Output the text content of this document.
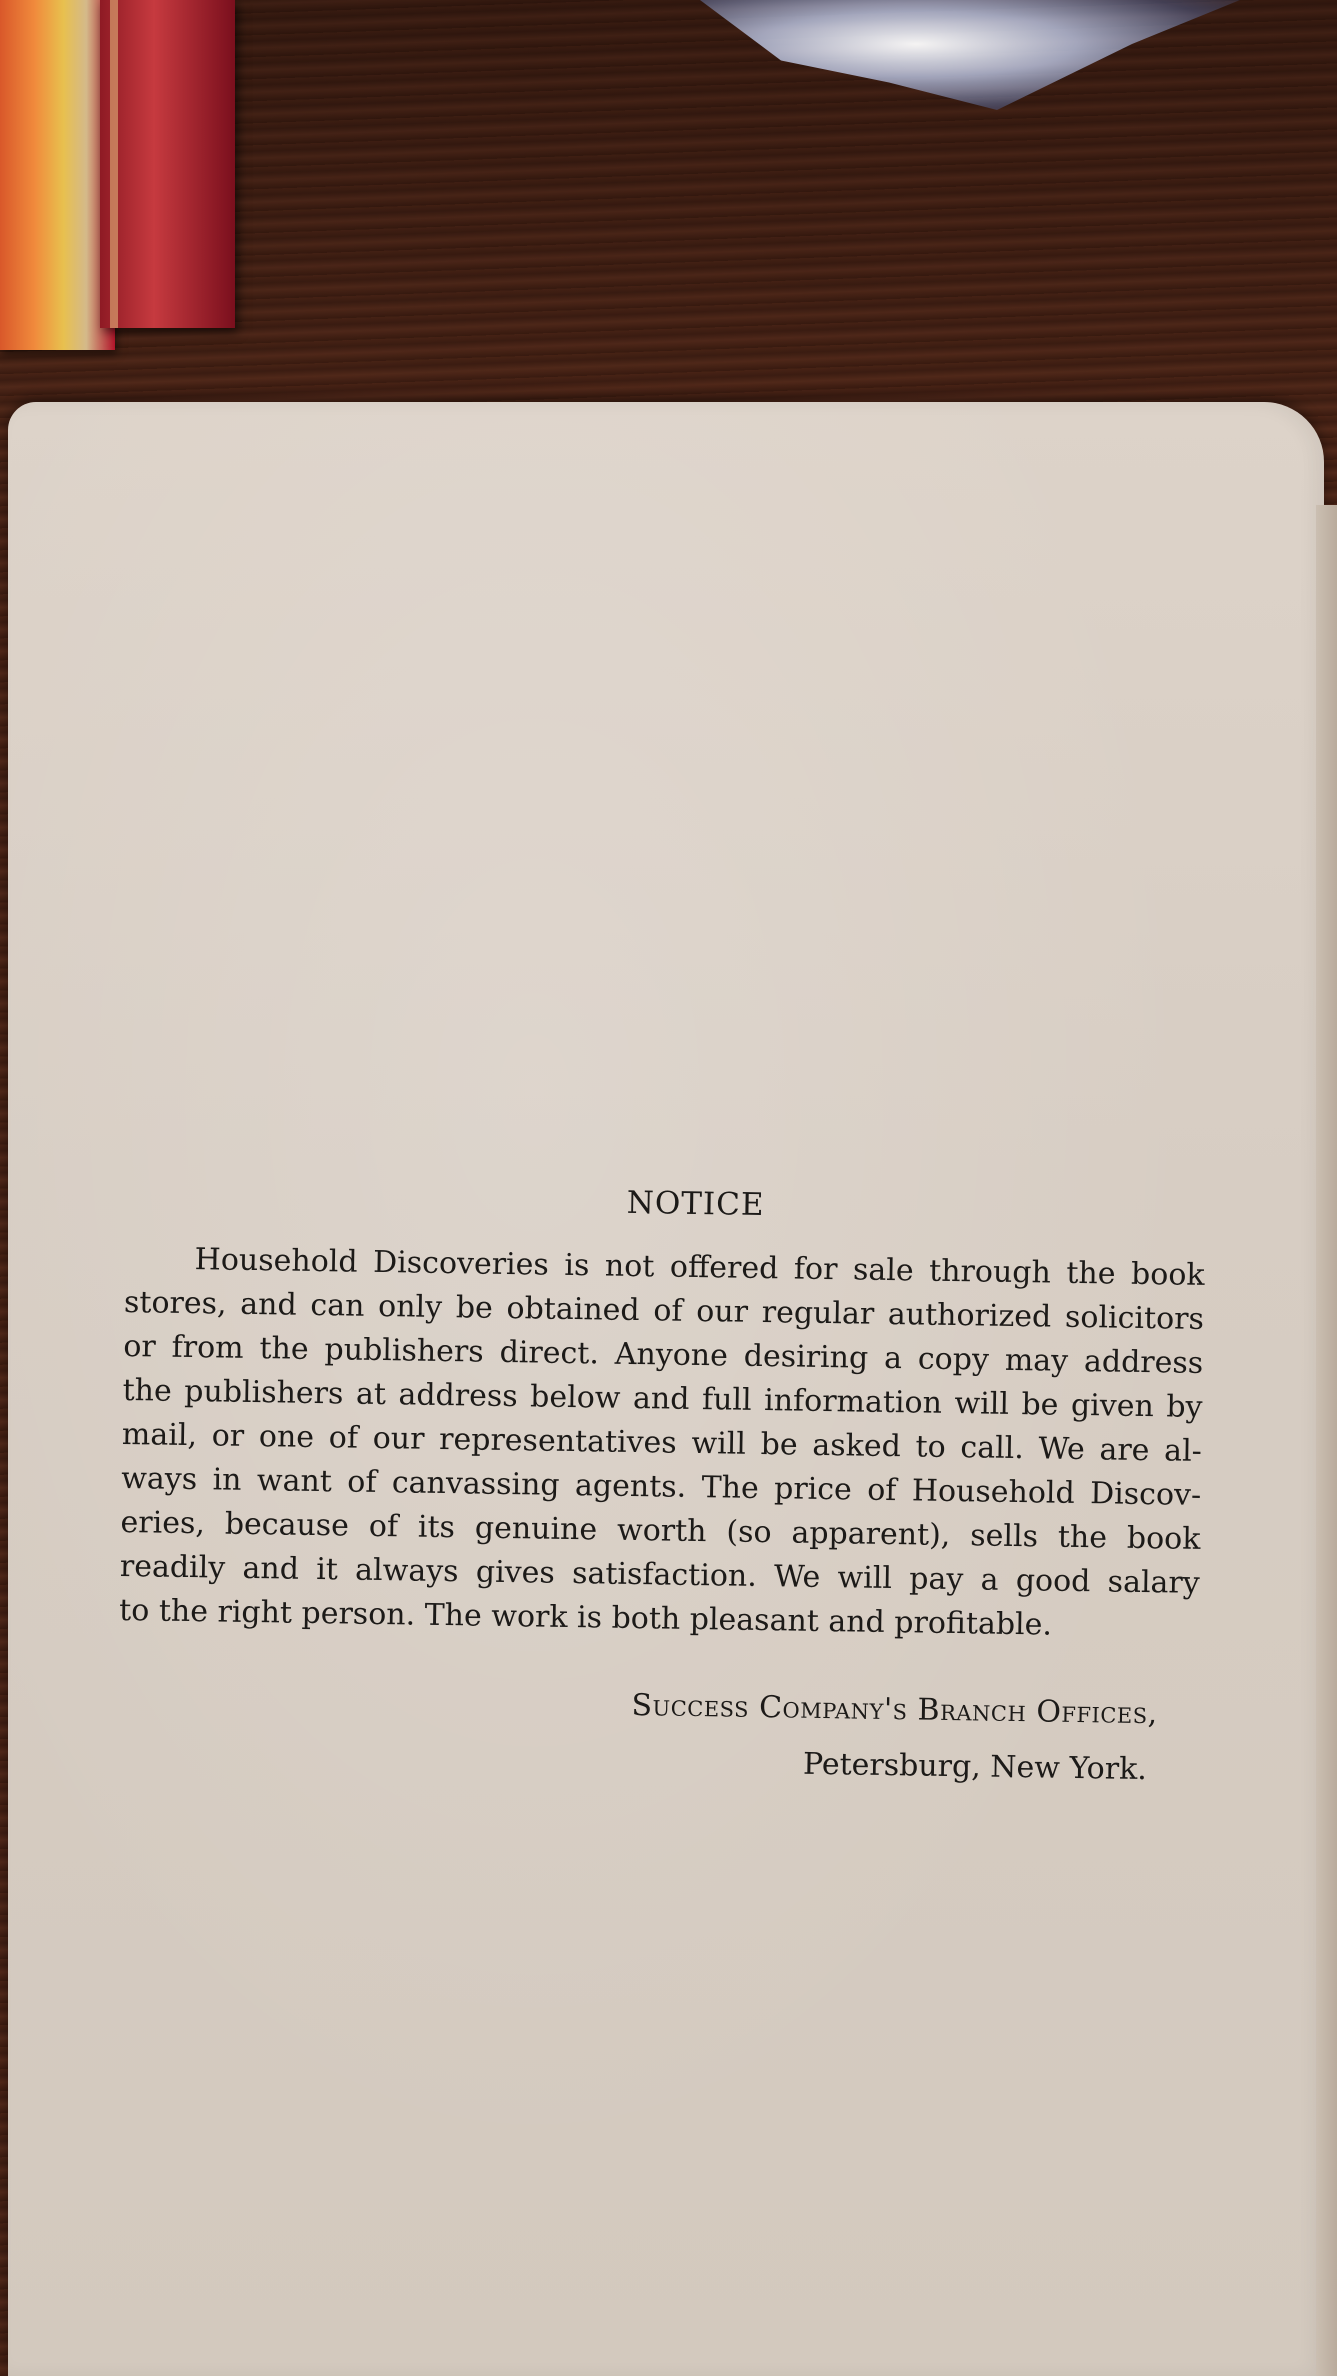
NOTICE

Household Discoveries is not offered for sale through the book

stores, and can only be obtained of our regular authorized solicitors

or from the publishers direct. Anyone desiring a copy may address

the publishers at address below and full information will be given by

mail, or one of our representatives will be asked to call. We are al-

ways in want of canvassing agents. The price of Household Discov-

eries, because of its genuine worth (so apparent), sells the book

readily and it always gives satisfaction. We will pay a good salary

to the right person. The work is both pleasant and profitable.

Success Company's Branch Offices,
Petersburg, New York.
